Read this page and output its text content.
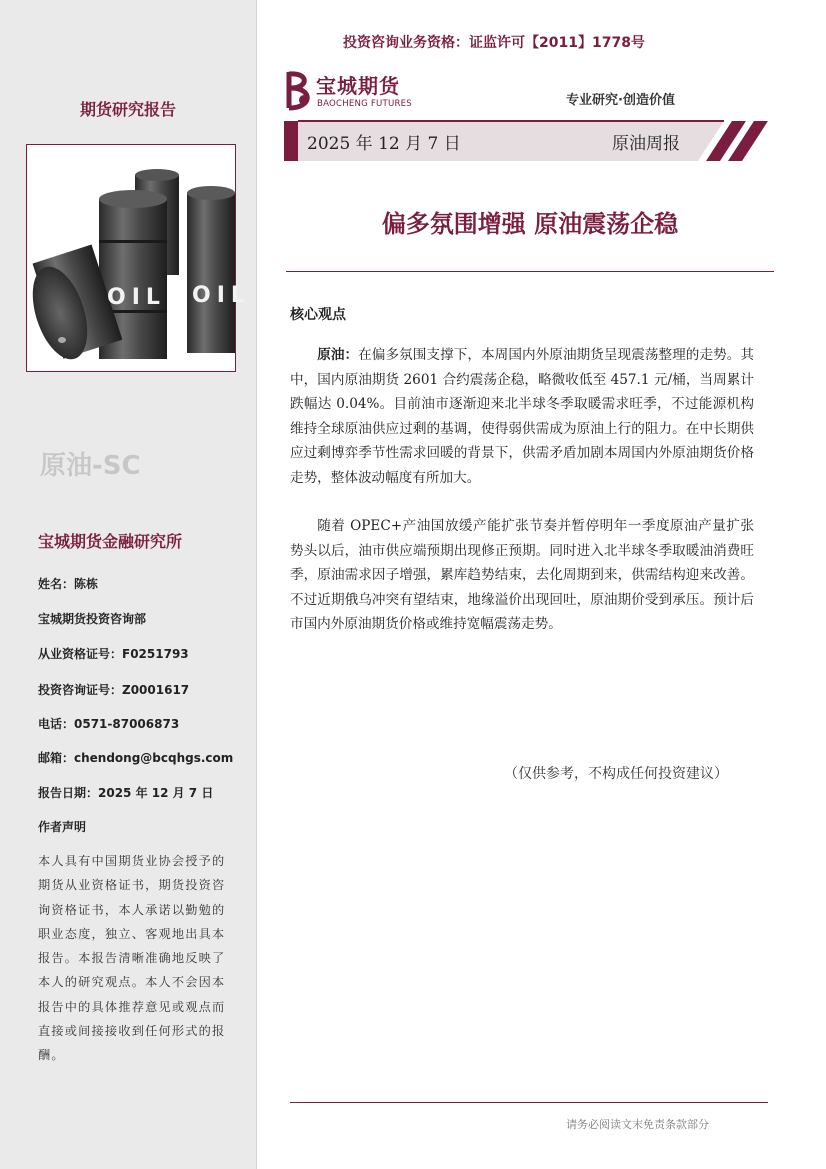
期货研究报告
OIL OIL
原油-SC
宝城期货金融研究所
姓名：陈栋
宝城期货投资咨询部
从业资格证号：F0251793
投资咨询证号：Z0001617
电话：0571-87006873
邮箱：chendong@bcqhgs.com
报告日期：2025 年 12 月 7 日
作者声明
本人具有中国期货业协会授予的期货从业资格证书，期货投资咨询资格证书，本人承诺以勤勉的职业态度，独立、客观地出具本报告。本报告清晰准确地反映了本人的研究观点。本人不会因本报告中的具体推荐意见或观点而直接或间接接收到任何形式的报酬。
投资咨询业务资格：证监许可【2011】1778号
宝城期货
BAOCHENG FUTURES	专业研究·创造价值
2025 年 12 月 7 日	原油周报
偏多氛围增强 原油震荡企稳
核心观点
原油：在偏多氛围支撑下，本周国内外原油期货呈现震荡整理的走势。其中，国内原油期货 2601 合约震荡企稳，略微收低至 457.1 元/桶，当周累计跌幅达 0.04%。目前油市逐渐迎来北半球冬季取暖需求旺季，不过能源机构维持全球原油供应过剩的基调，使得弱供需成为原油上行的阻力。在中长期供应过剩博弈季节性需求回暖的背景下，供需矛盾加剧本周国内外原油期货价格走势，整体波动幅度有所加大。
随着 OPEC+产油国放缓产能扩张节奏并暂停明年一季度原油产量扩张势头以后，油市供应端预期出现修正预期。同时进入北半球冬季取暖油消费旺季，原油需求因子增强，累库趋势结束，去化周期到来，供需结构迎来改善。不过近期俄乌冲突有望结束，地缘溢价出现回吐，原油期价受到承压。预计后市国内外原油期货价格或维持宽幅震荡走势。
（仅供参考，不构成任何投资建议）
请务必阅读文末免责条款部分
